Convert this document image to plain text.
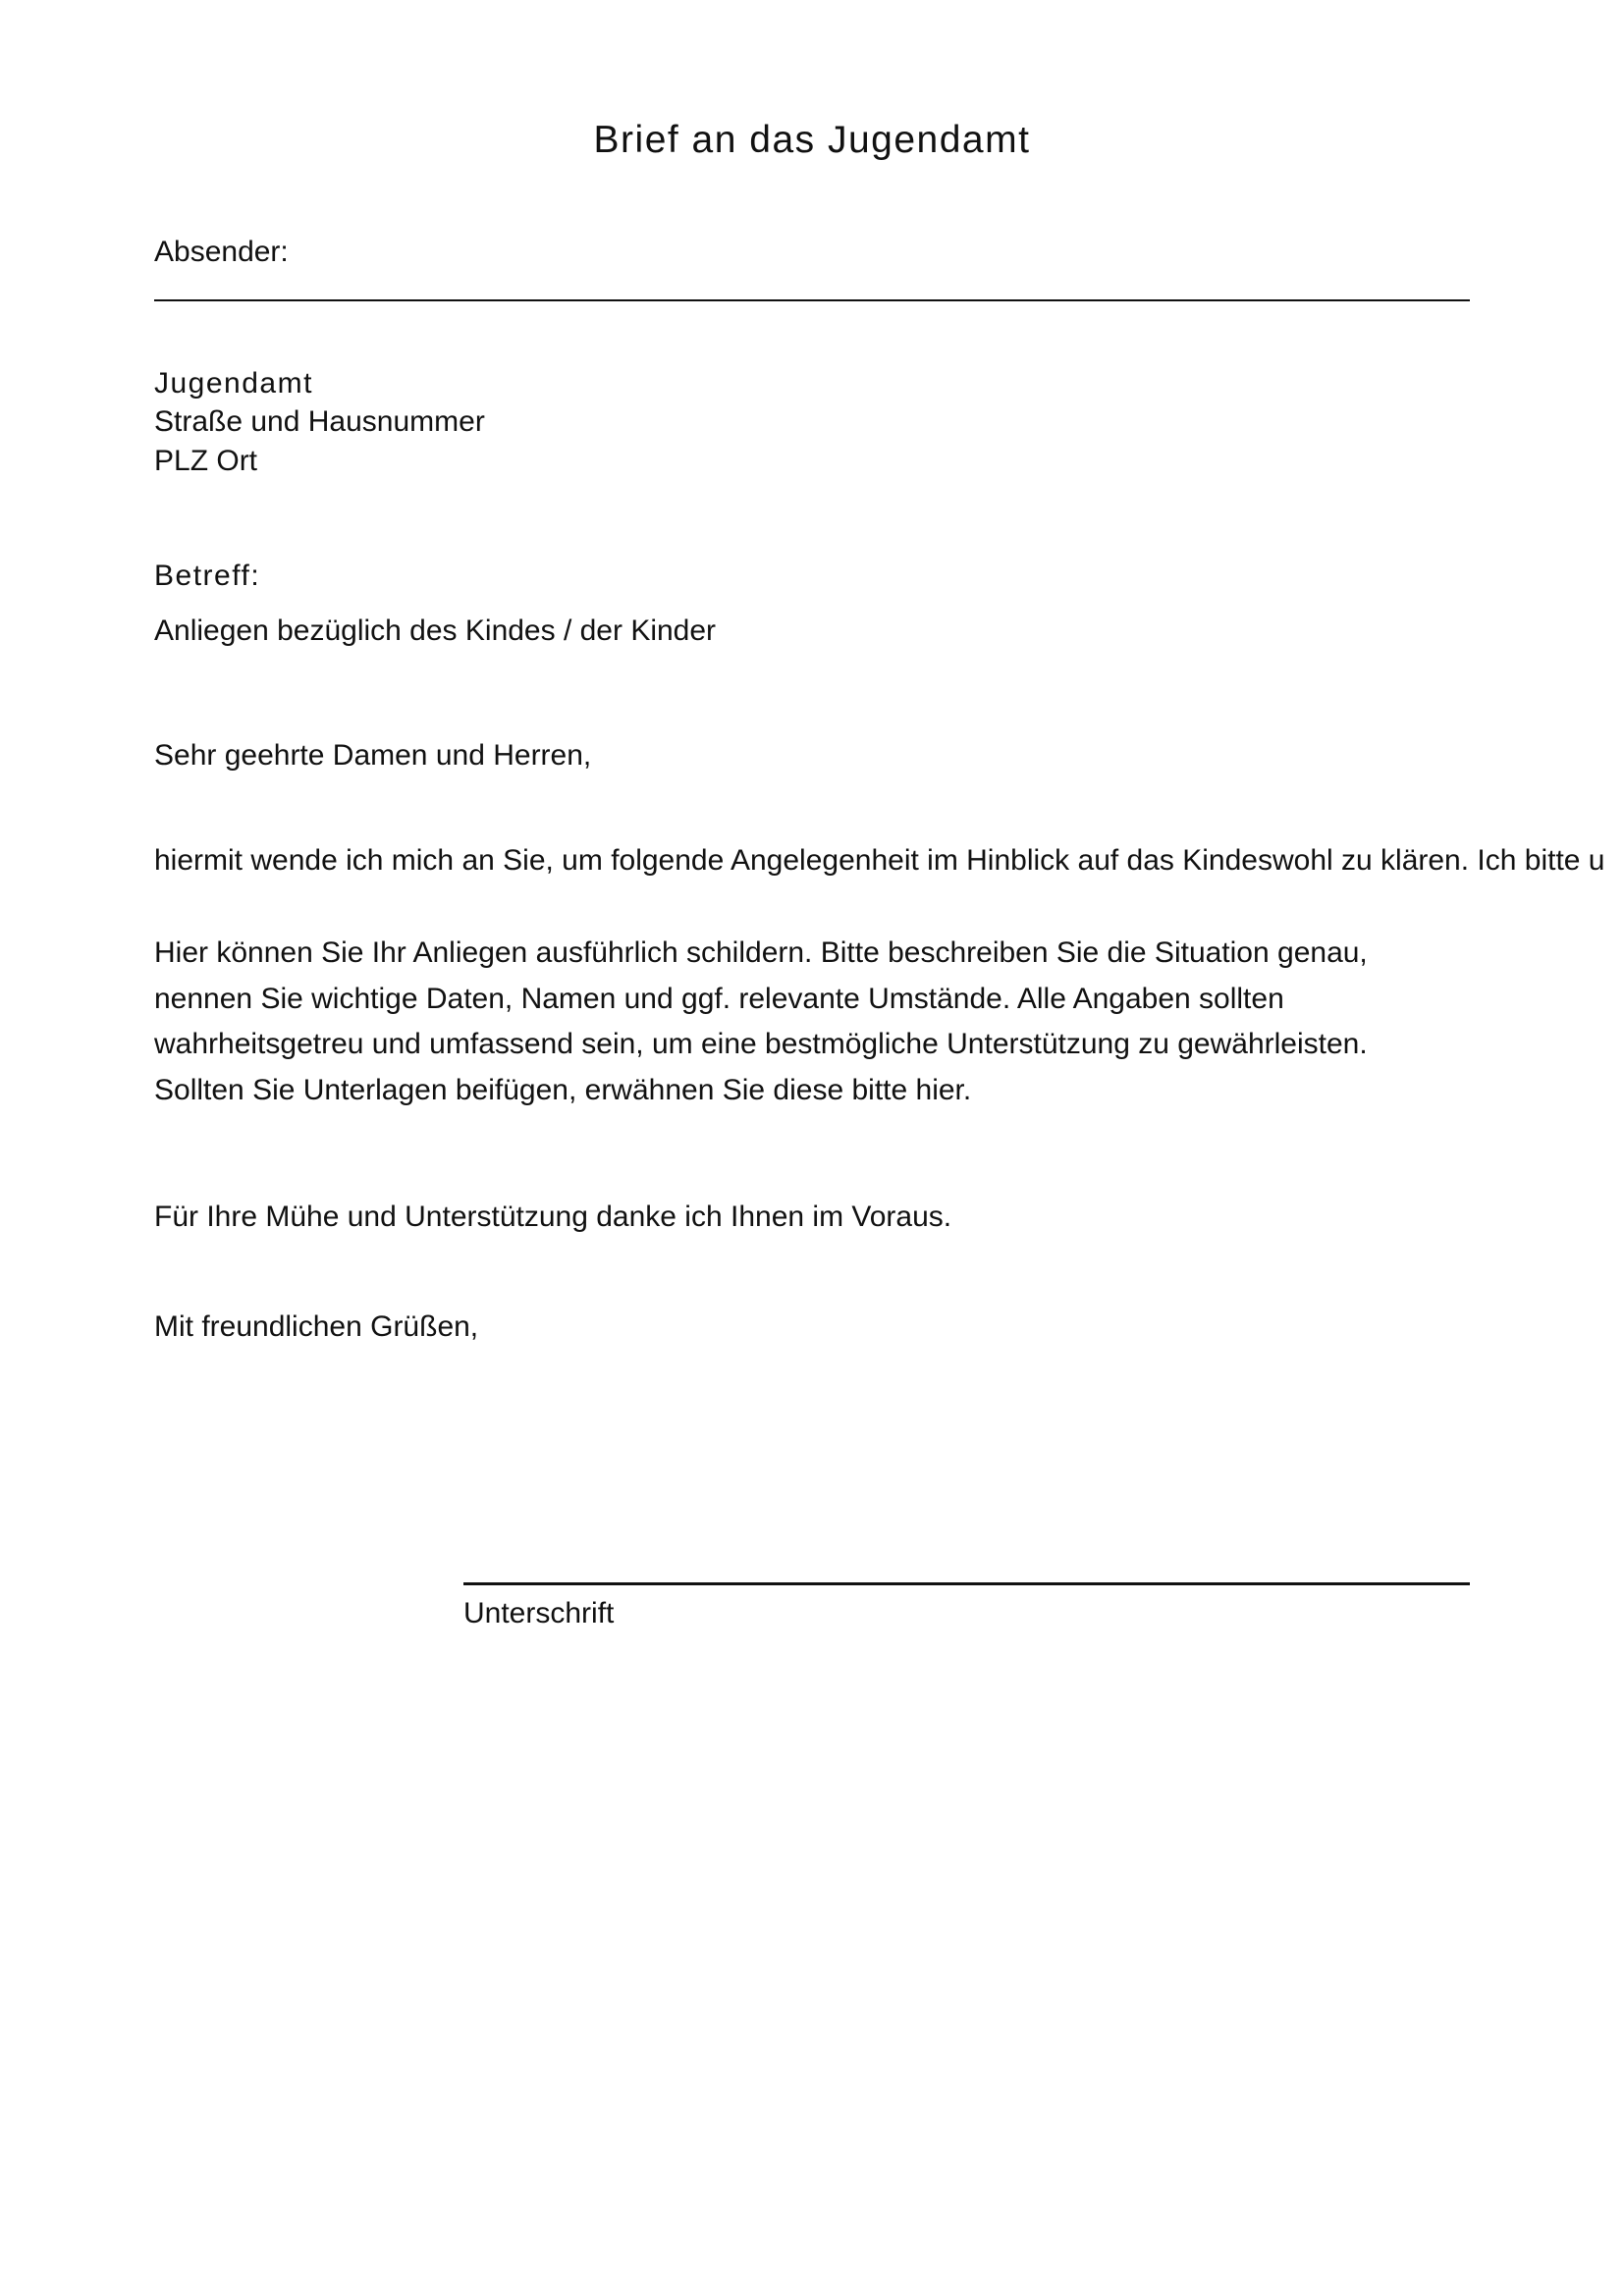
Brief an das Jugendamt
Absender:
Jugendamt
Straße und Hausnummer
PLZ Ort
Betreff:
Anliegen bezüglich des Kindes / der Kinder
Sehr geehrte Damen und Herren,
hiermit wende ich mich an Sie, um folgende Angelegenheit im Hinblick auf das Kindeswohl zu klären. Ich bitte u
Hier können Sie Ihr Anliegen ausführlich schildern. Bitte beschreiben Sie die Situation genau,
nennen Sie wichtige Daten, Namen und ggf. relevante Umstände. Alle Angaben sollten
wahrheitsgetreu und umfassend sein, um eine bestmögliche Unterstützung zu gewährleisten.
Sollten Sie Unterlagen beifügen, erwähnen Sie diese bitte hier.
Für Ihre Mühe und Unterstützung danke ich Ihnen im Voraus.
Mit freundlichen Grüßen,
Unterschrift
